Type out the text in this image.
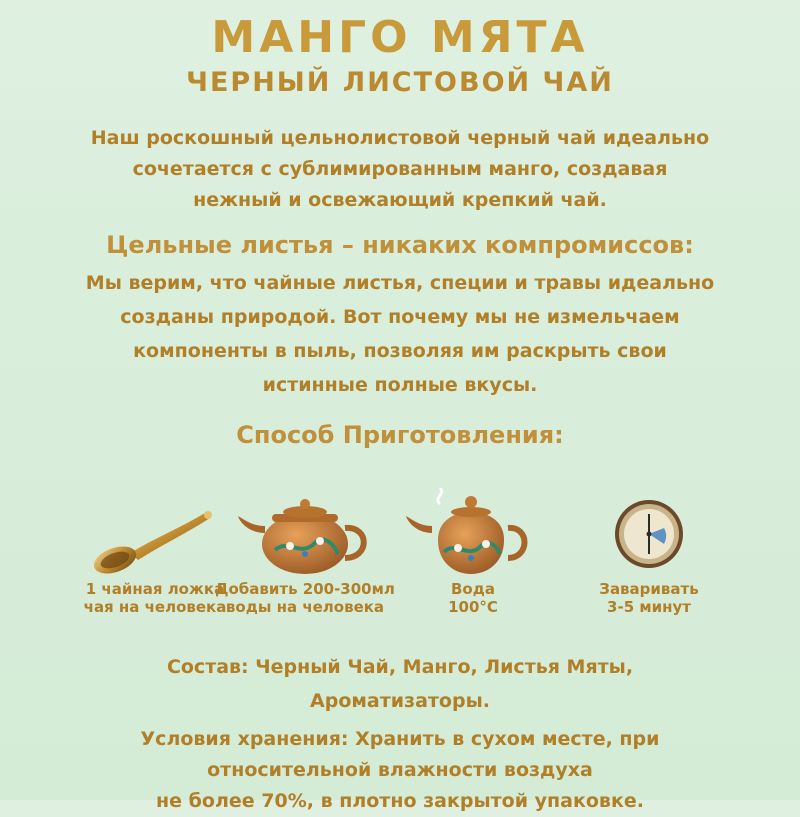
МАНГО МЯТА
ЧЕРНЫЙ ЛИСТОВОЙ ЧАЙ
Наш роскошный цельнолистовой черный чай идеально
сочетается с сублимированным манго, создавая
нежный и освежающий крепкий чай.
Цельные листья – никаких компромиссов:
Мы верим, что чайные листья, специи и травы идеально
созданы природой. Вот почему мы не измельчаем
компоненты в пыль, позволяя им раскрыть свои
истинные полные вкусы.
Способ Приготовления:
1 чайная ложка
чая на человека
Добавить 200-300мл
воды на человека
Вода
100°С
Заваривать
3-5 минут
Состав: Черный Чай, Манго, Листья Мяты,
Ароматизаторы.
Условия хранения: Хранить в сухом месте, при
относительной влажности воздуха
не более 70%, в плотно закрытой упаковке.
